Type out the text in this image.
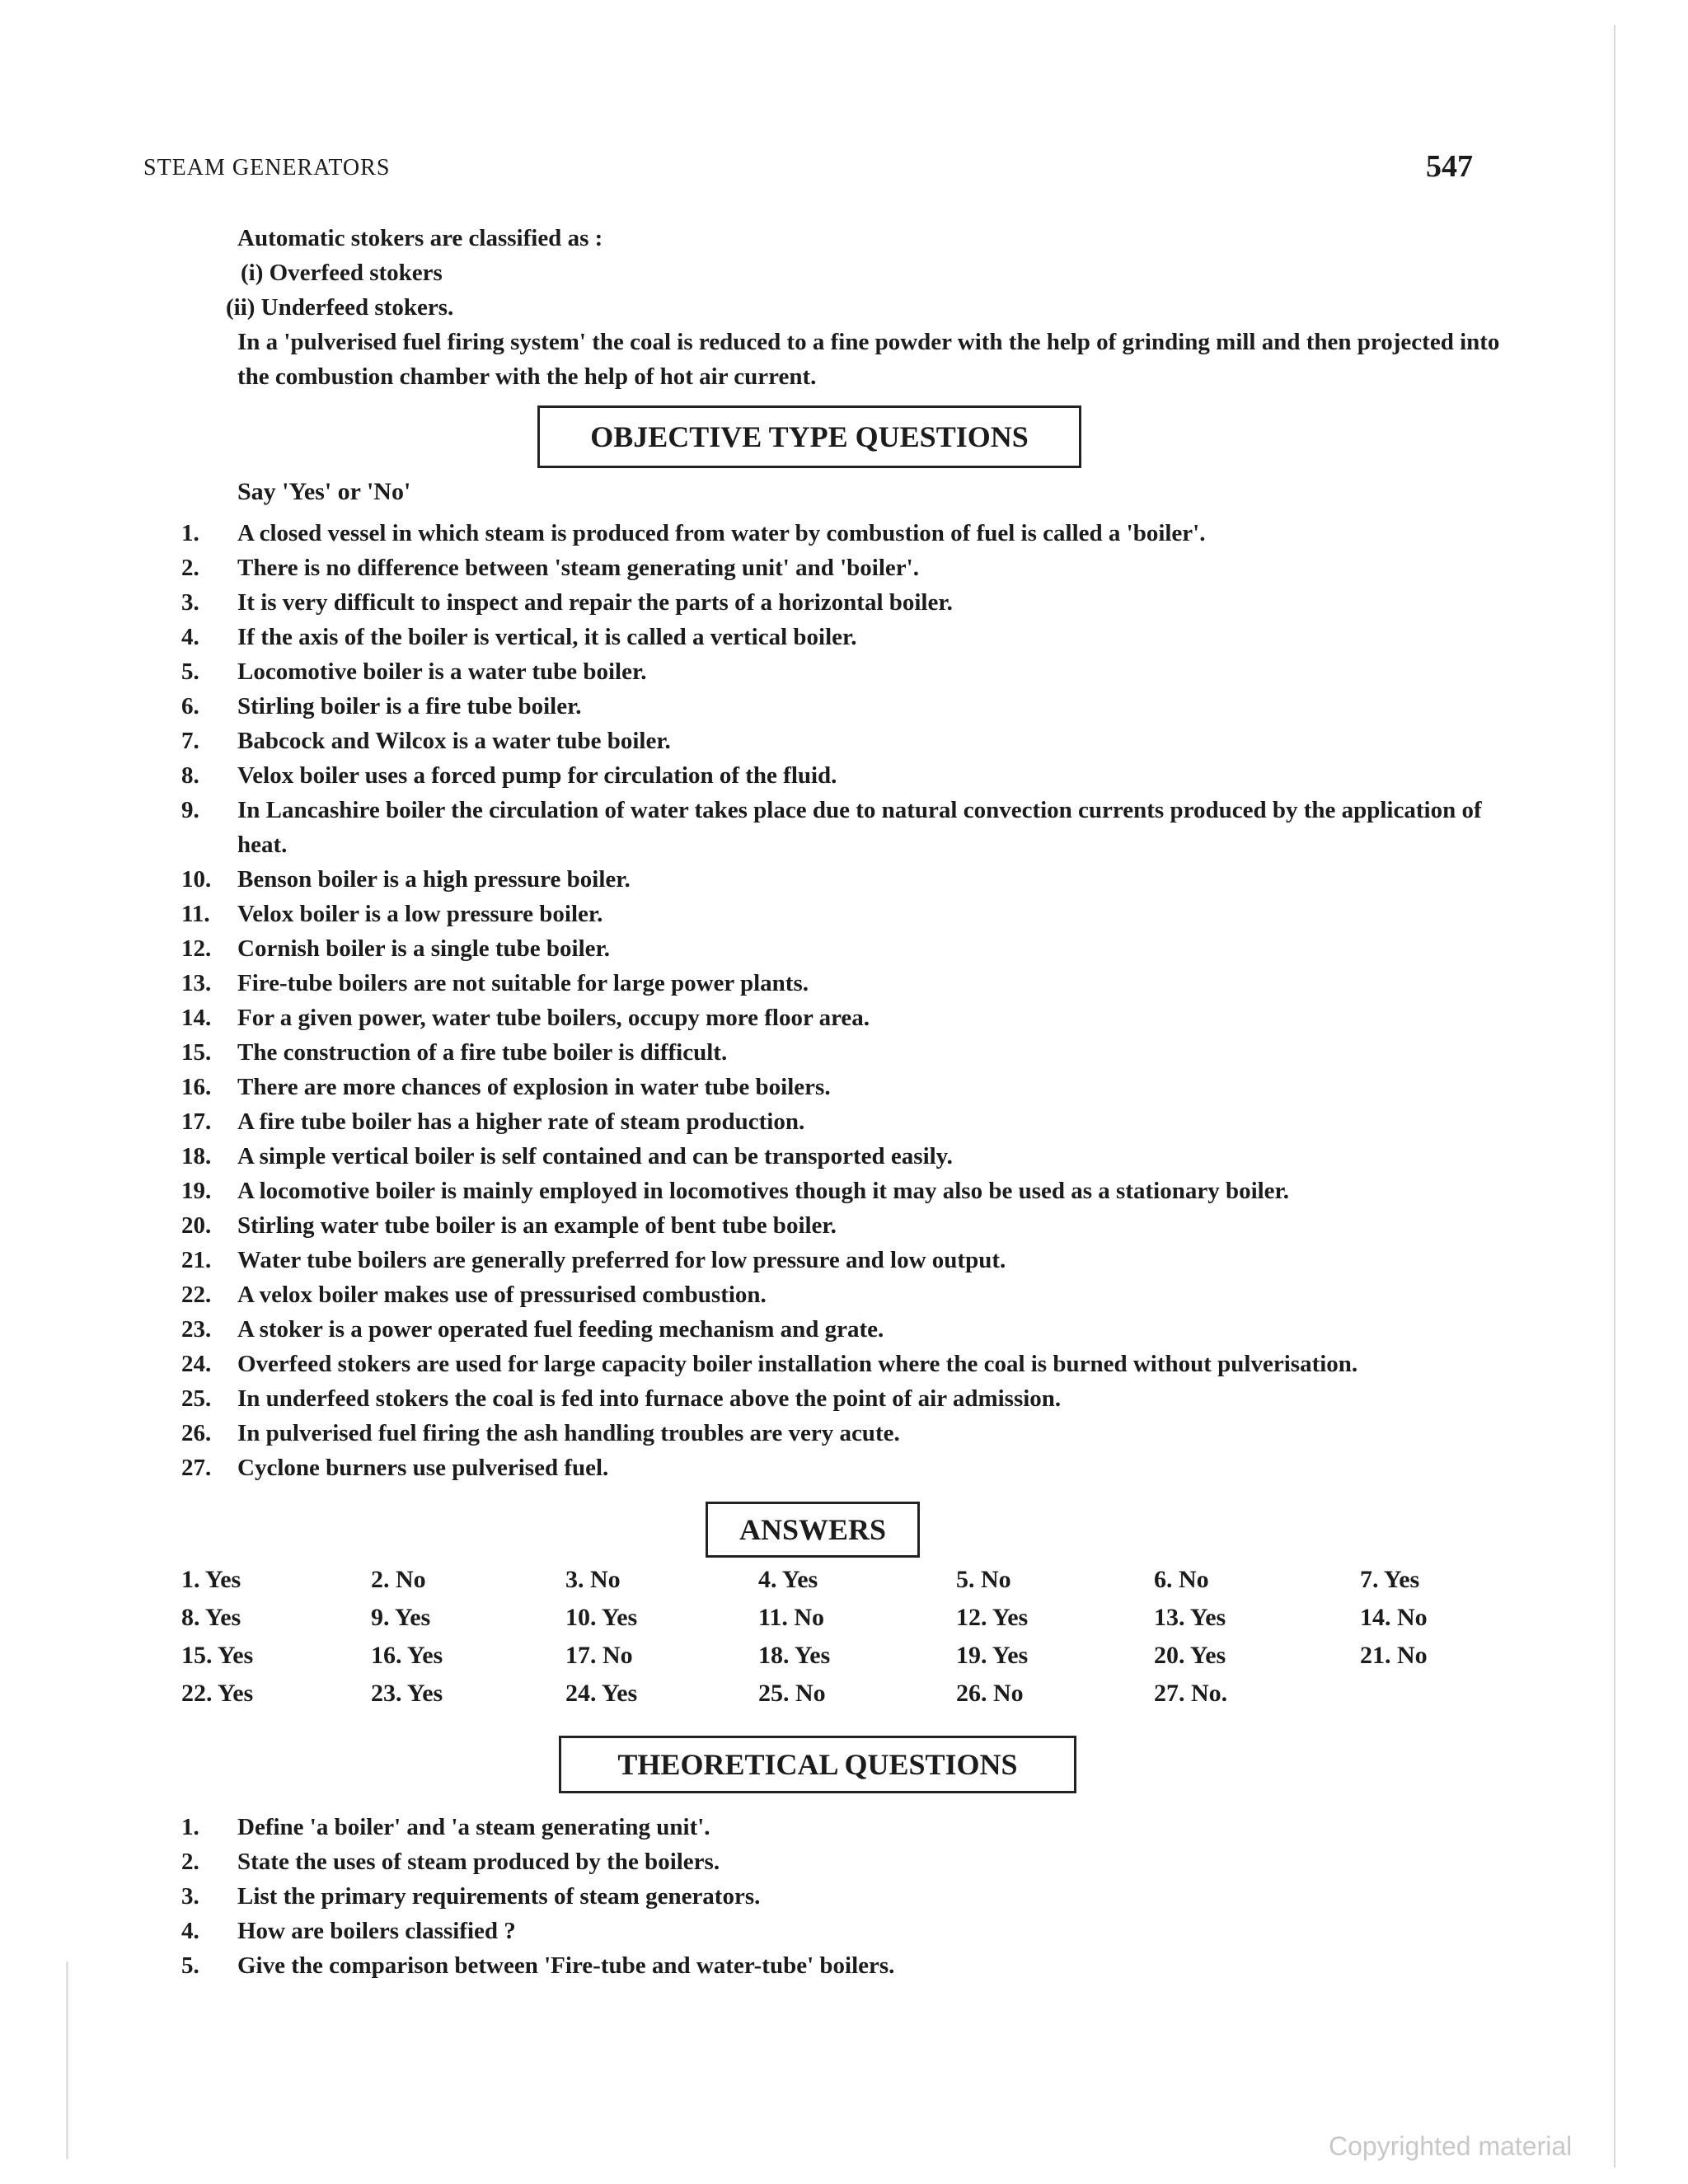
STEAM GENERATORS	547

Automatic stokers are classified as :

(i) Overfeed stokers

(ii) Underfeed stokers.

In a 'pulverised fuel firing system' the coal is reduced to a fine powder with the help of grinding mill and then projected into the combustion chamber with the help of hot air current.

OBJECTIVE TYPE QUESTIONS
Say 'Yes' or 'No'
1.	A closed vessel in which steam is produced from water by combustion of fuel is called a 'boiler'.
2.	There is no difference between 'steam generating unit' and 'boiler'.
3.	It is very difficult to inspect and repair the parts of a horizontal boiler.
4.	If the axis of the boiler is vertical, it is called a vertical boiler.
5.	Locomotive boiler is a water tube boiler.
6.	Stirling boiler is a fire tube boiler.
7.	Babcock and Wilcox is a water tube boiler.
8.	Velox boiler uses a forced pump for circulation of the fluid.
9.	In Lancashire boiler the circulation of water takes place due to natural convection currents produced by the application of heat.
10.	Benson boiler is a high pressure boiler.
11.	Velox boiler is a low pressure boiler.
12.	Cornish boiler is a single tube boiler.
13.	Fire-tube boilers are not suitable for large power plants.
14.	For a given power, water tube boilers, occupy more floor area.
15.	The construction of a fire tube boiler is difficult.
16.	There are more chances of explosion in water tube boilers.
17.	A fire tube boiler has a higher rate of steam production.
18.	A simple vertical boiler is self contained and can be transported easily.
19.	A locomotive boiler is mainly employed in locomotives though it may also be used as a stationary boiler.
20.	Stirling water tube boiler is an example of bent tube boiler.
21.	Water tube boilers are generally preferred for low pressure and low output.
22.	A velox boiler makes use of pressurised combustion.
23.	A stoker is a power operated fuel feeding mechanism and grate.
24.	Overfeed stokers are used for large capacity boiler installation where the coal is burned without pulverisation.
25.	In underfeed stokers the coal is fed into furnace above the point of air admission.
26.	In pulverised fuel firing the ash handling troubles are very acute.
27.	Cyclone burners use pulverised fuel.
ANSWERS
1. Yes	2. No	3. No	4. Yes	5. No	6. No	7. Yes
8. Yes	9. Yes	10. Yes	11. No	12. Yes	13. Yes	14. No
15. Yes	16. Yes	17. No	18. Yes	19. Yes	20. Yes	21. No
22. Yes	23. Yes	24. Yes	25. No	26. No	27. No.
THEORETICAL QUESTIONS
1.	Define 'a boiler' and 'a steam generating unit'.
2.	State the uses of steam produced by the boilers.
3.	List the primary requirements of steam generators.
4.	How are boilers classified ?
5.	Give the comparison between 'Fire-tube and water-tube' boilers.
Copyrighted material
